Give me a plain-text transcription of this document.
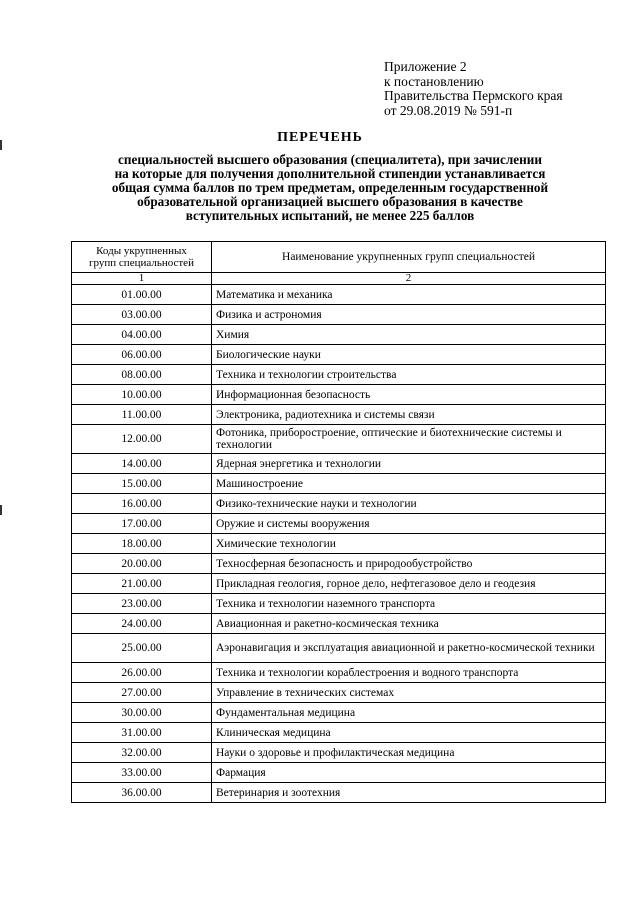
Приложение 2
к постановлению
Правительства Пермского края
от 29.08.2019 № 591-п
ПЕРЕЧЕНЬ
специальностей высшего образования (специалитета), при зачислении
на которые для получения дополнительной стипендии устанавливается
общая сумма баллов по трем предметам, определенным государственной
образовательной организацией высшего образования в качестве
вступительных испытаний, не менее 225 баллов
Коды укрупненных
групп специальностей	Наименование укрупненных групп специальностей
1	2
01.00.00	Математика и механика
03.00.00	Физика и астрономия
04.00.00	Химия
06.00.00	Биологические науки
08.00.00	Техника и технологии строительства
10.00.00	Информационная безопасность
11.00.00	Электроника, радиотехника и системы связи
12.00.00	Фотоника, приборостроение, оптические и биотехнические системы и технологии
14.00.00	Ядерная энергетика и технологии
15.00.00	Машиностроение
16.00.00	Физико-технические науки и технологии
17.00.00	Оружие и системы вооружения
18.00.00	Химические технологии
20.00.00	Техносферная безопасность и природообустройство
21.00.00	Прикладная геология, горное дело, нефтегазовое дело и геодезия
23.00.00	Техника и технологии наземного транспорта
24.00.00	Авиационная и ракетно-космическая техника
25.00.00	Аэронавигация и эксплуатация авиационной и ракетно-космической техники
26.00.00	Техника и технологии кораблестроения и водного транспорта
27.00.00	Управление в технических системах
30.00.00	Фундаментальная медицина
31.00.00	Клиническая медицина
32.00.00	Науки о здоровье и профилактическая медицина
33.00.00	Фармация
36.00.00	Ветеринария и зоотехния
